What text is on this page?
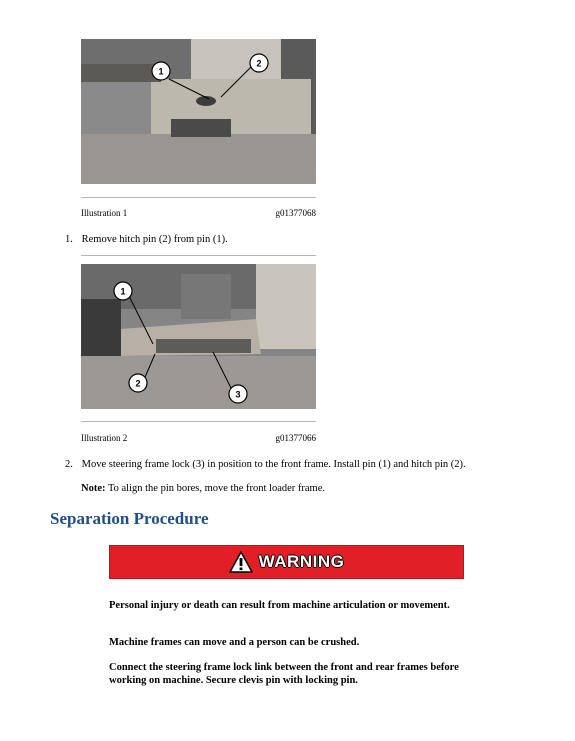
1
2
Illustration 1	g01377068
1. Remove hitch pin (2) from pin (1).
1
2
3
Illustration 2	g01377066
2. Move steering frame lock (3) in position to the front frame. Install pin (1) and hitch pin (2).
Note: To align the pin bores, move the front loader frame.
Separation Procedure
WARNING

Personal injury or death can result from machine articulation or movement.

Machine frames can move and a person can be crushed.

Connect the steering frame lock link between the front and rear frames before working on machine. Secure clevis pin with locking pin.
